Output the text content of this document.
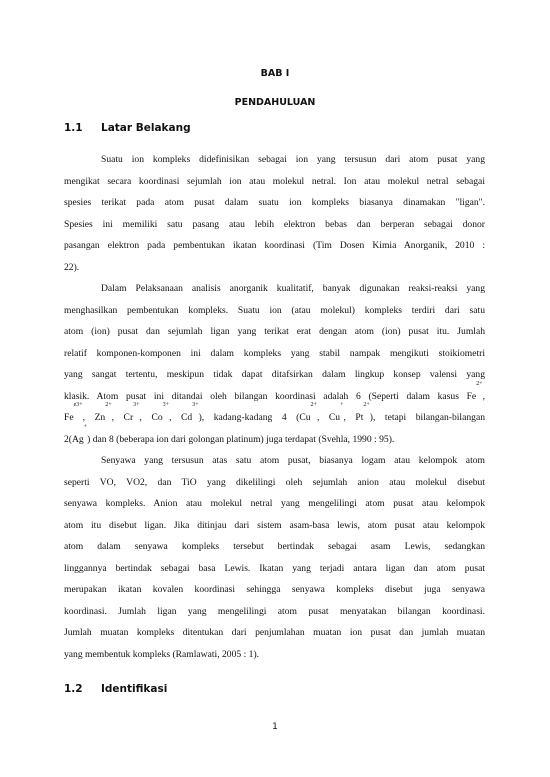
BAB I
PENDAHULUAN
1.1 Latar Belakang
Suatu ion kompleks didefinisikan sebagai ion yang tersusun dari atom pusat yang
mengikat secara koordinasi sejumlah ion atau molekul netral. Ion atau molekul netral sebagai
spesies terikat pada atom pusat dalam suatu ion kompleks biasanya dinamakan "ligan".
Spesies ini memiliki satu pasang atau lebih elektron bebas dan berperan sebagai donor
pasangan elektron pada pembentukan ikatan koordinasi (Tim Dosen Kimia Anorganik, 2010 :
22).
Dalam Pelaksanaan analisis anorganik kualitatif, banyak digunakan reaksi-reaksi yang
menghasilkan pembentukan kompleks. Suatu ion (atau molekul) kompleks terdiri dari satu
atom (ion) pusat dan sejumlah ligan yang terikat erat dengan atom (ion) pusat itu. Jumlah
relatif komponen-komponen ini dalam kompleks yang stabil nampak mengikuti stoikiometri
yang sangat tertentu, meskipun tidak dapat ditafsirkan dalam lingkup konsep valensi yang
klasik. Atom pusat ini ditandai oleh bilangan koordinasi adalah 6 (Seperti dalam kasus $Fe^{2+}$,
$Fe^{e3+}$, $Zn^{2+}$, $Cr^{3+}$, $Co^{3+}$, $Cd^{3+}$), kadang-kadang 4 ($Cu^{2+}$, Cu+, $Pt^{2+}$), tetapi bilangan-bilangan
2(Ag+) dan 8 (beberapa ion dari golongan platinum) juga terdapat (Svehla, 1990 : 95).
Senyawa yang tersusun atas satu atom pusat, biasanya logam atau kelompok atom
seperti VO, VO2, dan TiO yang dikelilingi oleh sejumlah anion atau molekul disebut
senyawa kompleks. Anion atau molekul netral yang mengelilingi atom pusat atau kelompok
atom itu disebut ligan. Jika ditinjau dari sistem asam-basa lewis, atom pusat atau kelompok
atom dalam senyawa kompleks tersebut bertindak sebagai asam Lewis, sedangkan
linggannya bertindak sebagai basa Lewis. Ikatan yang terjadi antara ligan dan atom pusat
merupakan ikatan kovalen koordinasi sehingga senyawa kompleks disebut juga senyawa
koordinasi. Jumlah ligan yang mengelilingi atom pusat menyatakan bilangan koordinasi.
Jumlah muatan kompleks ditentukan dari penjumlahan muatan ion pusat dan jumlah muatan
yang membentuk kompleks (Ramlawati, 2005 : 1).
1.2 Identifikasi
1
